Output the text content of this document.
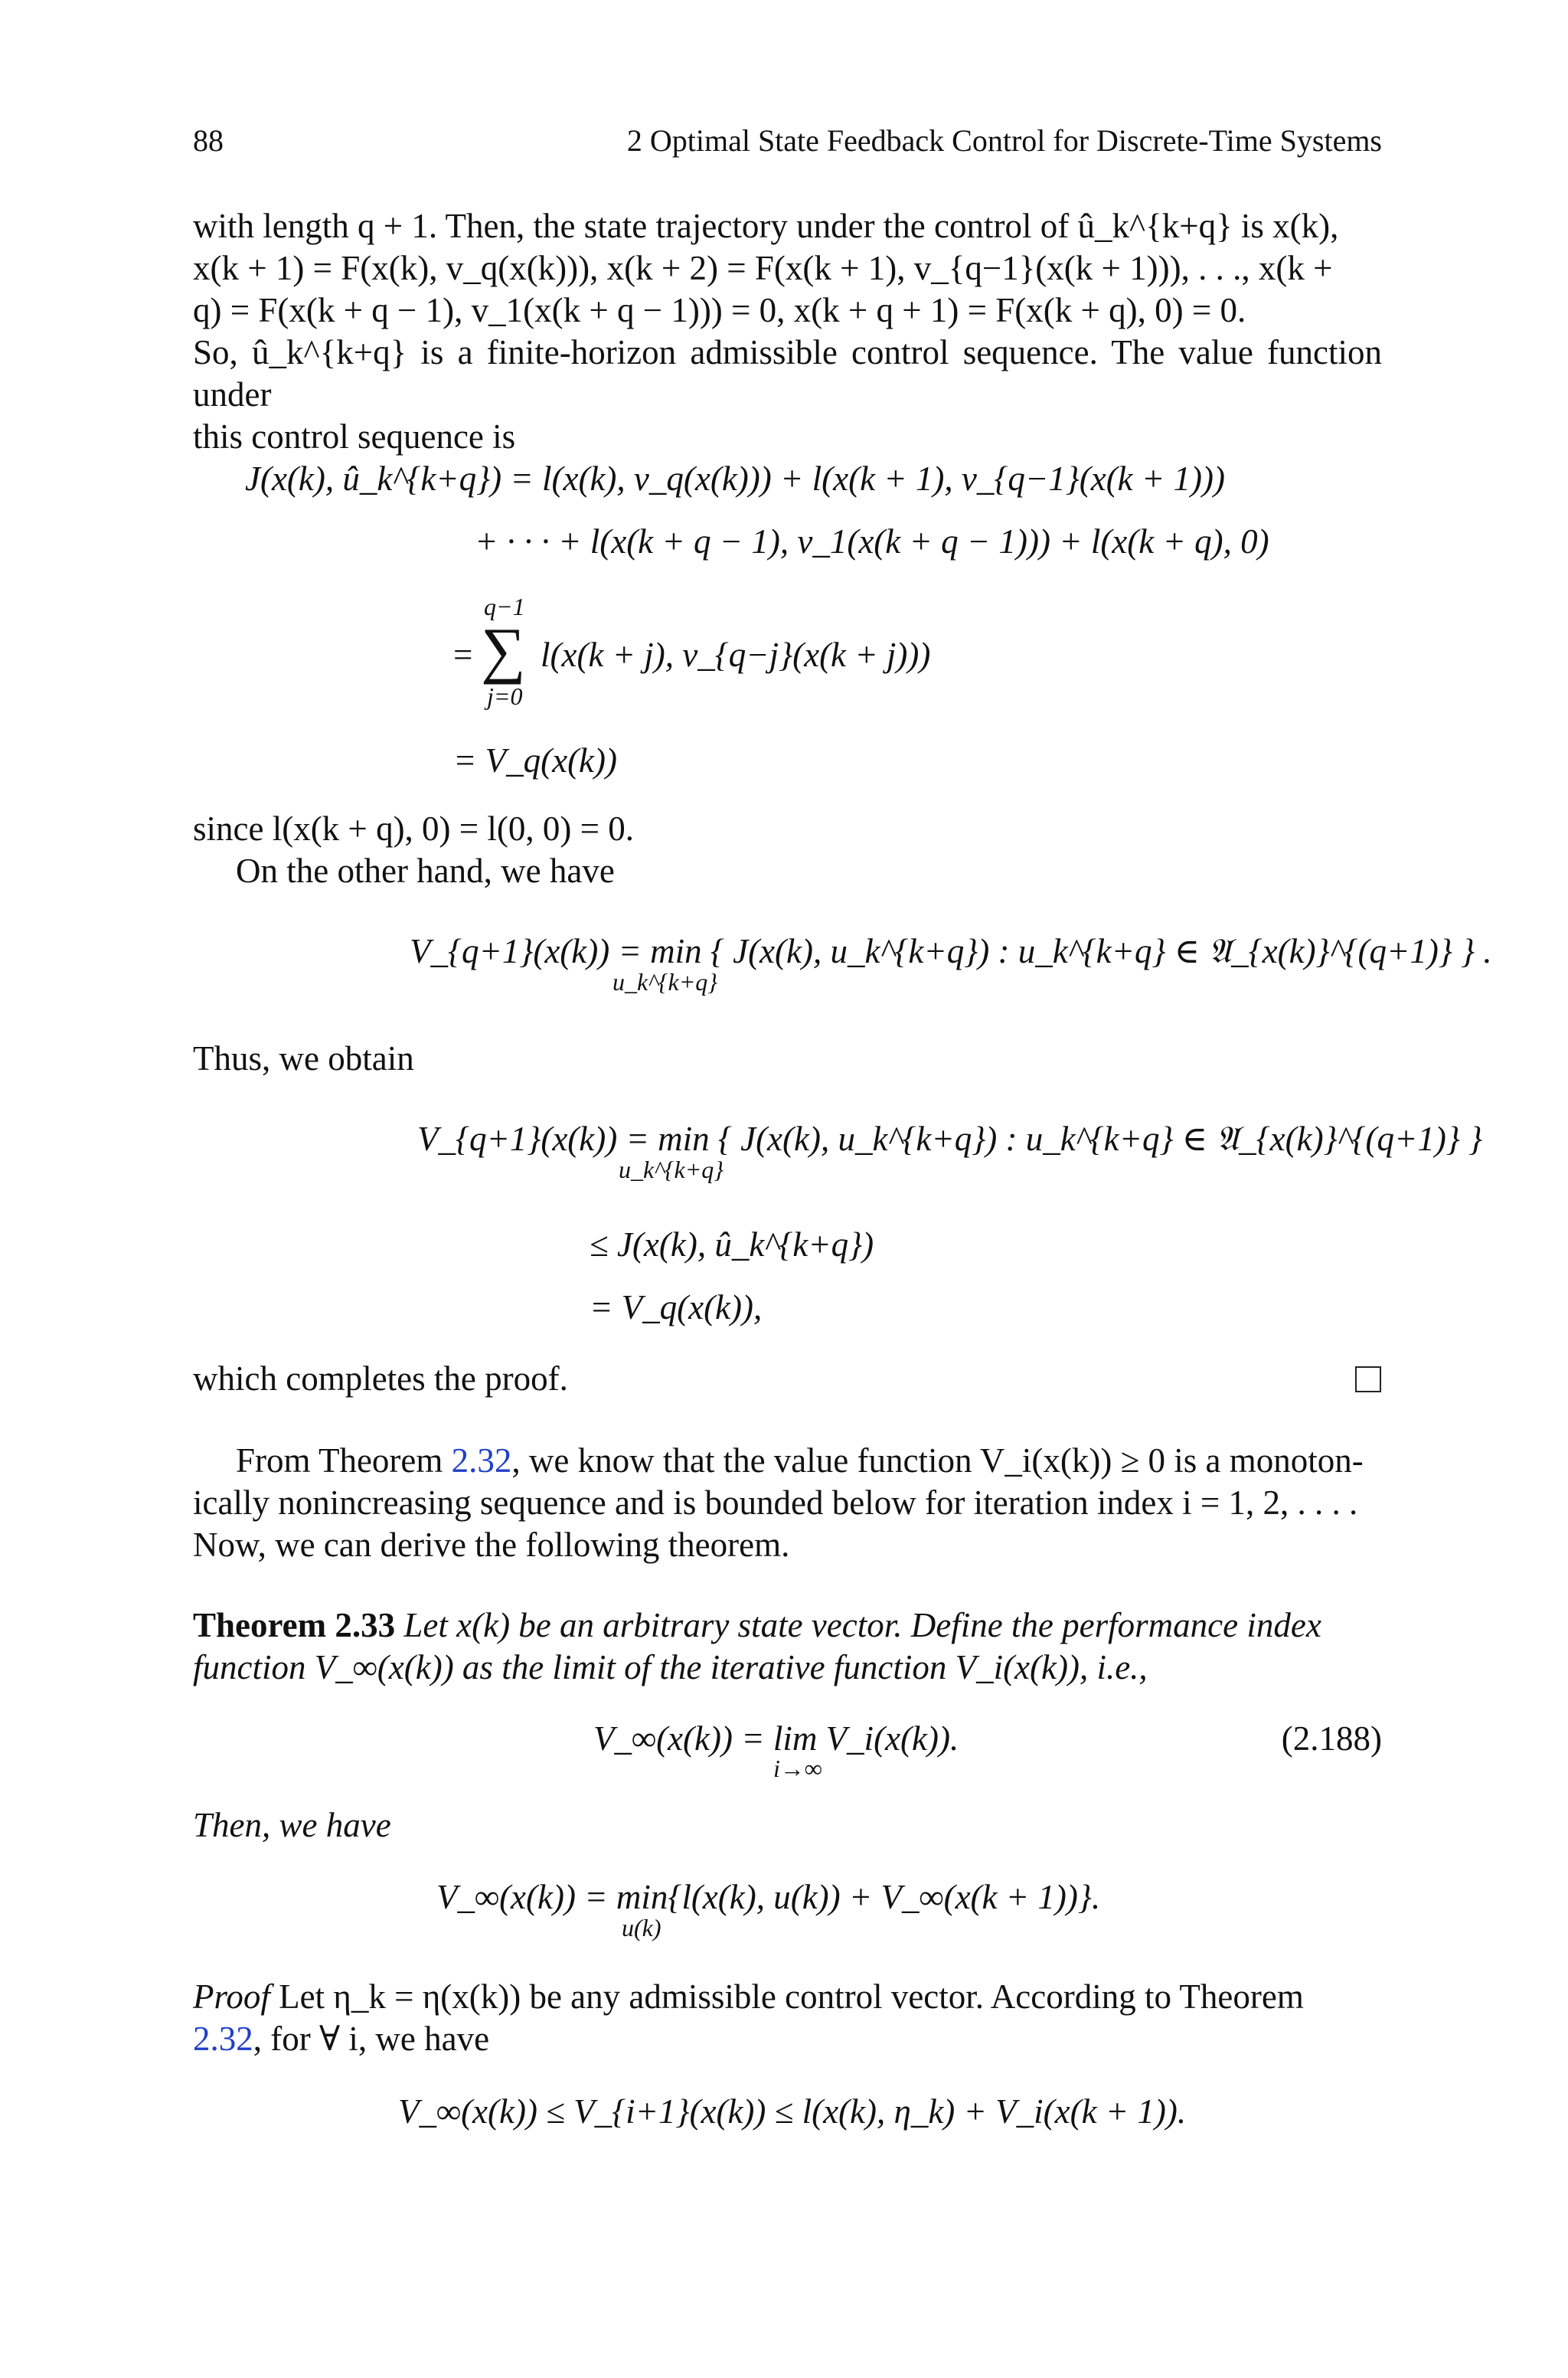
88	2 Optimal State Feedback Control for Discrete-Time Systems
with length q + 1. Then, the state trajectory under the control of û_k^{k+q} is x(k),
x(k + 1) = F(x(k), v_q(x(k))), x(k + 2) = F(x(k + 1), v_{q−1}(x(k + 1))), . . ., x(k +
q) = F(x(k + q − 1), v_1(x(k + q − 1))) = 0, x(k + q + 1) = F(x(k + q), 0) = 0.
So, û_k^{k+q} is a finite-horizon admissible control sequence. The value function under
this control sequence is
J(x(k), û_k^{k+q}) = l(x(k), v_q(x(k))) + l(x(k + 1), v_{q−1}(x(k + 1)))
+ · · · + l(x(k + q − 1), v_1(x(k + q − 1))) + l(x(k + q), 0)
q−1
= ∑ l(x(k + j), v_{q−j}(x(k + j)))
j=0
= V_q(x(k))
since l(x(k + q), 0) = l(0, 0) = 0.
On the other hand, we have
V_{q+1}(x(k)) = min { J(x(k), u_k^{k+q}) : u_k^{k+q} ∈ 𝔄_{x(k)}^{(q+1)} } .
u_k^{k+q}
Thus, we obtain
V_{q+1}(x(k)) = min { J(x(k), u_k^{k+q}) : u_k^{k+q} ∈ 𝔄_{x(k)}^{(q+1)} }
u_k^{k+q}
≤ J(x(k), û_k^{k+q})
= V_q(x(k)),
which completes the proof.
From Theorem 2.32, we know that the value function V_i(x(k)) ≥ 0 is a monoton-
ically nonincreasing sequence and is bounded below for iteration index i = 1, 2, . . . .
Now, we can derive the following theorem.
Theorem 2.33 Let x(k) be an arbitrary state vector. Define the performance index
function V_∞(x(k)) as the limit of the iterative function V_i(x(k)), i.e.,
V_∞(x(k)) = lim V_i(x(k)).
i→∞
(2.188)
Then, we have
V_∞(x(k)) = min{l(x(k), u(k)) + V_∞(x(k + 1))}.
u(k)
Proof Let η_k = η(x(k)) be any admissible control vector. According to Theorem
2.32, for ∀ i, we have
V_∞(x(k)) ≤ V_{i+1}(x(k)) ≤ l(x(k), η_k) + V_i(x(k + 1)).
